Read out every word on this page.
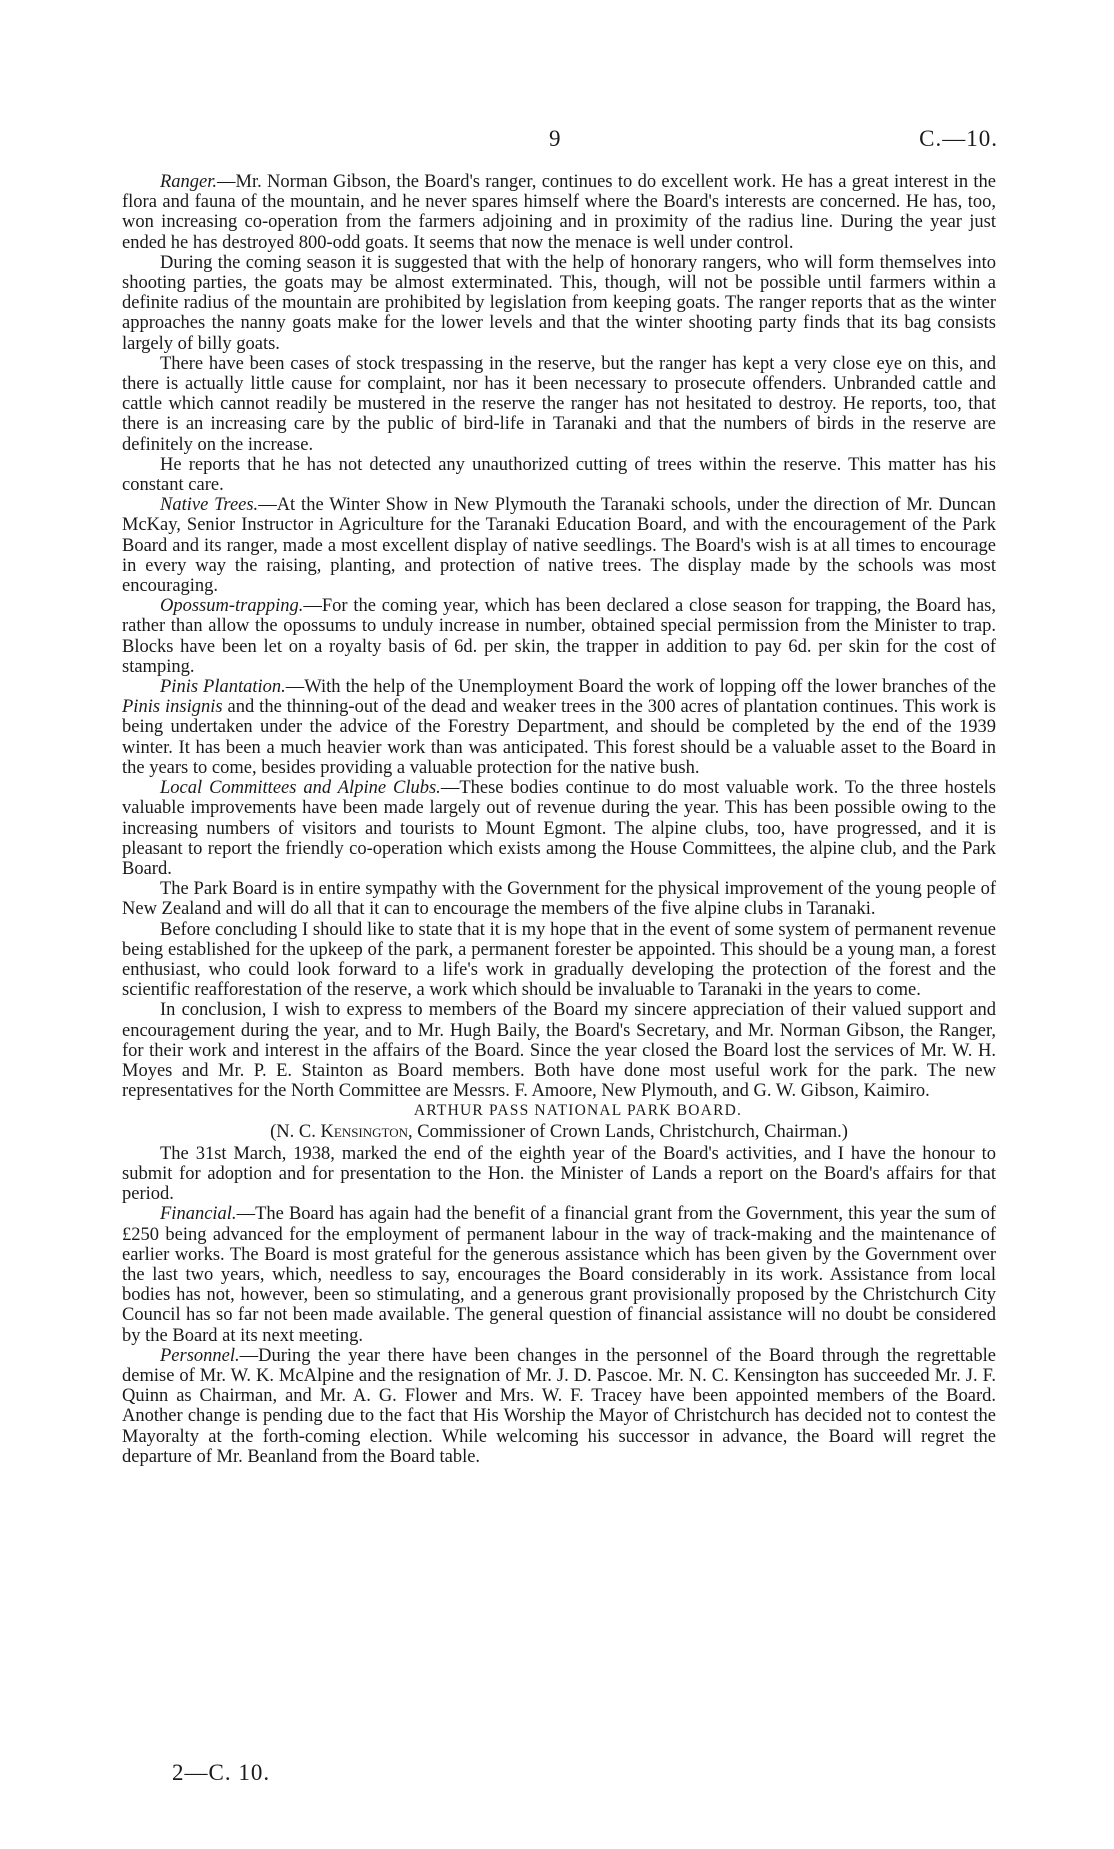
9	C.—10.

Ranger.—Mr. Norman Gibson, the Board's ranger, continues to do excellent work. He has a great interest in the flora and fauna of the mountain, and he never spares himself where the Board's interests are concerned. He has, too, won increasing co-operation from the farmers adjoining and in proximity of the radius line. During the year just ended he has destroyed 800-odd goats. It seems that now the menace is well under control.

During the coming season it is suggested that with the help of honorary rangers, who will form themselves into shooting parties, the goats may be almost exterminated. This, though, will not be possible until farmers within a definite radius of the mountain are prohibited by legislation from keeping goats. The ranger reports that as the winter approaches the nanny goats make for the lower levels and that the winter shooting party finds that its bag consists largely of billy goats.

There have been cases of stock trespassing in the reserve, but the ranger has kept a very close eye on this, and there is actually little cause for complaint, nor has it been necessary to prosecute offenders. Unbranded cattle and cattle which cannot readily be mustered in the reserve the ranger has not hesitated to destroy. He reports, too, that there is an increasing care by the public of bird-life in Taranaki and that the numbers of birds in the reserve are definitely on the increase.

He reports that he has not detected any unauthorized cutting of trees within the reserve. This matter has his constant care.

Native Trees.—At the Winter Show in New Plymouth the Taranaki schools, under the direction of Mr. Duncan McKay, Senior Instructor in Agriculture for the Taranaki Education Board, and with the encouragement of the Park Board and its ranger, made a most excellent display of native seedlings. The Board's wish is at all times to encourage in every way the raising, planting, and protection of native trees. The display made by the schools was most encouraging.

Opossum-trapping.—For the coming year, which has been declared a close season for trapping, the Board has, rather than allow the opossums to unduly increase in number, obtained special permission from the Minister to trap. Blocks have been let on a royalty basis of 6d. per skin, the trapper in addition to pay 6d. per skin for the cost of stamping.

Pinis Plantation.—With the help of the Unemployment Board the work of lopping off the lower branches of the Pinis insignis and the thinning-out of the dead and weaker trees in the 300 acres of plantation continues. This work is being undertaken under the advice of the Forestry Department, and should be completed by the end of the 1939 winter. It has been a much heavier work than was anticipated. This forest should be a valuable asset to the Board in the years to come, besides providing a valuable protection for the native bush.

Local Committees and Alpine Clubs.—These bodies continue to do most valuable work. To the three hostels valuable improvements have been made largely out of revenue during the year. This has been possible owing to the increasing numbers of visitors and tourists to Mount Egmont. The alpine clubs, too, have progressed, and it is pleasant to report the friendly co-operation which exists among the House Committees, the alpine club, and the Park Board.

The Park Board is in entire sympathy with the Government for the physical improvement of the young people of New Zealand and will do all that it can to encourage the members of the five alpine clubs in Taranaki.

Before concluding I should like to state that it is my hope that in the event of some system of permanent revenue being established for the upkeep of the park, a permanent forester be appointed. This should be a young man, a forest enthusiast, who could look forward to a life's work in gradually developing the protection of the forest and the scientific reafforestation of the reserve, a work which should be invaluable to Taranaki in the years to come.

In conclusion, I wish to express to members of the Board my sincere appreciation of their valued support and encouragement during the year, and to Mr. Hugh Baily, the Board's Secretary, and Mr. Norman Gibson, the Ranger, for their work and interest in the affairs of the Board. Since the year closed the Board lost the services of Mr. W. H. Moyes and Mr. P. E. Stainton as Board members. Both have done most useful work for the park. The new representatives for the North Committee are Messrs. F. Amoore, New Plymouth, and G. W. Gibson, Kaimiro.

ARTHUR PASS NATIONAL PARK BOARD.

(N. C. Kensington, Commissioner of Crown Lands, Christchurch, Chairman.)

The 31st March, 1938, marked the end of the eighth year of the Board's activities, and I have the honour to submit for adoption and for presentation to the Hon. the Minister of Lands a report on the Board's affairs for that period.

Financial.—The Board has again had the benefit of a financial grant from the Government, this year the sum of £250 being advanced for the employment of permanent labour in the way of track-making and the maintenance of earlier works. The Board is most grateful for the generous assistance which has been given by the Government over the last two years, which, needless to say, encourages the Board considerably in its work. Assistance from local bodies has not, however, been so stimulating, and a generous grant provisionally proposed by the Christchurch City Council has so far not been made available. The general question of financial assistance will no doubt be considered by the Board at its next meeting.

Personnel.—During the year there have been changes in the personnel of the Board through the regrettable demise of Mr. W. K. McAlpine and the resignation of Mr. J. D. Pascoe. Mr. N. C. Kensington has succeeded Mr. J. F. Quinn as Chairman, and Mr. A. G. Flower and Mrs. W. F. Tracey have been appointed members of the Board. Another change is pending due to the fact that His Worship the Mayor of Christchurch has decided not to contest the Mayoralty at the forth-coming election. While welcoming his successor in advance, the Board will regret the departure of Mr. Beanland from the Board table.

2—C. 10.
